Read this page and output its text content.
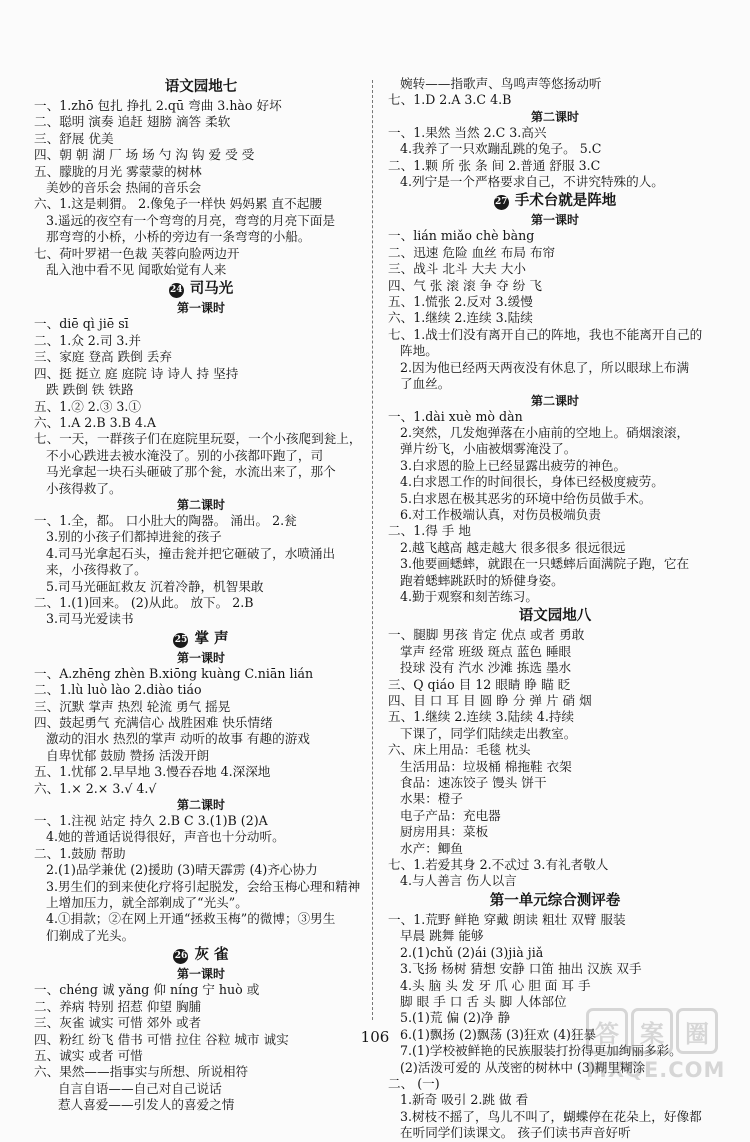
语文园地七
一、1.zhō 包扎 挣扎 2.qū 弯曲 3.hào 好坏
二、聪明 演奏 追赶 翅膀 滴答 柔软
三、舒展 优美
四、朝 朝 湖 厂 场 场 勺 沟 钩 爱 受 受
五、朦胧的月光 雾蒙蒙的树林
美妙的音乐会 热闹的音乐会
六、1.这是刺猬。 2.像兔子一样快 妈妈累 直不起腰
3.遥远的夜空有一个弯弯的月亮，弯弯的月亮下面是
那弯弯的小桥，小桥的旁边有一条弯弯的小船。
七、荷叶罗裙一色裁 芙蓉向脸两边开
乱入池中看不见 闻歌始觉有人来
24 司马光
第一课时
一、diē qì jiē sī
二、1.众 2.司 3.并
三、家庭 登高 跌倒 丢弃
四、挺 挺立 庭 庭院 诗 诗人 持 坚持
跌 跌倒 铁 铁路
五、1.② 2.③ 3.①
六、1.A 2.B 3.B 4.A
七、一天，一群孩子们在庭院里玩耍，一个小孩爬到瓮上，
不小心跌进去被水淹没了。别的小孩都吓跑了，司
马光拿起一块石头砸破了那个瓮，水流出来了，那个
小孩得救了。
第二课时
一、1.全，都。 口小肚大的陶器。 涌出。 2.瓮
3.别的小孩子们都掉进瓮的孩子
4.司马光拿起石头，撞击瓮并把它砸破了，水喷涌出
来，小孩得救了。
5.司马光砸缸救友 沉着冷静，机智果敢
二、1.(1)回来。 (2)从此。 放下。 2.B
3.司马光爱读书
25 掌 声
第一课时
一、A.zhēng zhèn B.xiōng kuàng C.niān lián
二、1.lù luò lào 2.diào tiáo
三、沉默 掌声 热烈 轮流 勇气 摇晃
四、鼓起勇气 充满信心 战胜困难 快乐情绪
激动的泪水 热烈的掌声 动听的故事 有趣的游戏
自卑忧郁 鼓励 赞扬 活泼开朗
五、1.忧郁 2.早早地 3.慢吞吞地 4.深深地
六、1.× 2.× 3.√ 4.√
第二课时
一、1.注视 站定 持久 2.B C 3.(1)B (2)A
4.她的普通话说得很好，声音也十分动听。
二、1.鼓励 帮助
2.(1)品学兼优 (2)援助 (3)晴天霹雳 (4)齐心协力
3.男生们的到来使化疗将引起脱发，会给玉梅心理和精神
上增加压力，就全部剃成了“光头”。
4.①捐款；②在网上开通“拯救玉梅”的微博；③男生
们剃成了光头。
26 灰 雀
第一课时
一、chéng 诚 yǎng 仰 níng 宁 huò 或
二、养病 特别 招惹 仰望 胸脯
三、灰雀 诚实 可惜 郊外 或者
四、粉红 纷飞 借书 可惜 拉住 谷粒 城市 诚实
五、诚实 或者 可惜
六、果然——指事实与所想、所说相符
自言自语——自己对自己说话
惹人喜爱——引发人的喜爱之情
婉转——指歌声、鸟鸣声等悠扬动听
七、1.D 2.A 3.C 4.B
第二课时
一、1.果然 当然 2.C 3.高兴
4.我养了一只欢蹦乱跳的兔子。 5.C
二、1.颗 所 张 条 间 2.普通 舒服 3.C
4.列宁是一个严格要求自己，不讲究特殊的人。
27 手术台就是阵地
第一课时
一、lián miǎo chè bàng
二、迅速 危险 血丝 布局 布帘
三、战斗 北斗 大夫 大小
四、气 张 滚 滚 争 夺 纷 飞
五、1.慌张 2.反对 3.缓慢
六、1.继续 2.连续 3.陆续
七、1.战士们没有离开自己的阵地，我也不能离开自己的
阵地。
2.因为他已经两天两夜没有休息了，所以眼球上布满
了血丝。
第二课时
一、1.dài xuè mò dàn
2.突然，几发炮弹落在小庙前的空地上。硝烟滚滚，
弹片纷飞，小庙被烟雾淹没了。
3.白求恩的脸上已经显露出疲劳的神色。
4.白求恩工作的时间很长，身体已经极度疲劳。
5.白求恩在极其恶劣的环境中给伤员做手术。
6.对工作极端认真，对伤员极端负责
二、1.得 手 地
2.越飞越高 越走越大 很多很多 很远很远
3.他要画蟋蟀，就跟在一只蟋蟀后面满院子跑，它在
跑着蟋蟀跳跃时的矫健身姿。
4.勤于观察和刻苦练习。
语文园地八
一、腿脚 男孩 肯定 优点 或者 勇敢
掌声 经常 班级 斑点 蓝色 睡眼
投球 没有 汽水 沙滩 拣选 墨水
三、Q qiáo 目 12 眼睛 睁 瞄 眨
四、目 口 耳 目 圆 睁 分 弹 片 硝 烟
五、1.继续 2.连续 3.陆续 4.持续
下课了，同学们陆续走出教室。
六、床上用品：毛毯 枕头
生活用品：垃圾桶 棉拖鞋 衣架
食品：速冻饺子 馒头 饼干
水果：橙子
电子产品：充电器
厨房用具：菜板
水产：鲫鱼
七、1.若爱其身 2.不忒过 3.有礼者敬人
4.与人善言 伤人以言
第一单元综合测评卷
一、1.荒野 鲜艳 穿戴 朗读 粗壮 双臂 服装
早晨 跳舞 能够
2.(1)chǔ (2)ái (3)jià jiǎ
3.飞扬 杨树 猜想 安静 口笛 抽出 汉族 双手
4.头 脑 头 发 牙 爪 心 胆 面 耳 手
脚 眼 手 口 舌 头 脚 人体部位
5.(1)荒 偏 (2)净 静
6.(1)飘扬 (2)飘荡 (3)狂欢 (4)狂暴
7.(1)学校被鲜艳的民族服装打扮得更加绚丽多彩。
(2)活泼可爱的 从茂密的树林中 (3)糊里糊涂
二、 (一)
1.新奇 吸引 2.跳 做 看
3.树枝不摇了，鸟儿不叫了，蝴蝶停在花朵上，好像都
在听同学们读课文。 孩子们读书声音好听
106	答 案 圈
MXQE.COM
